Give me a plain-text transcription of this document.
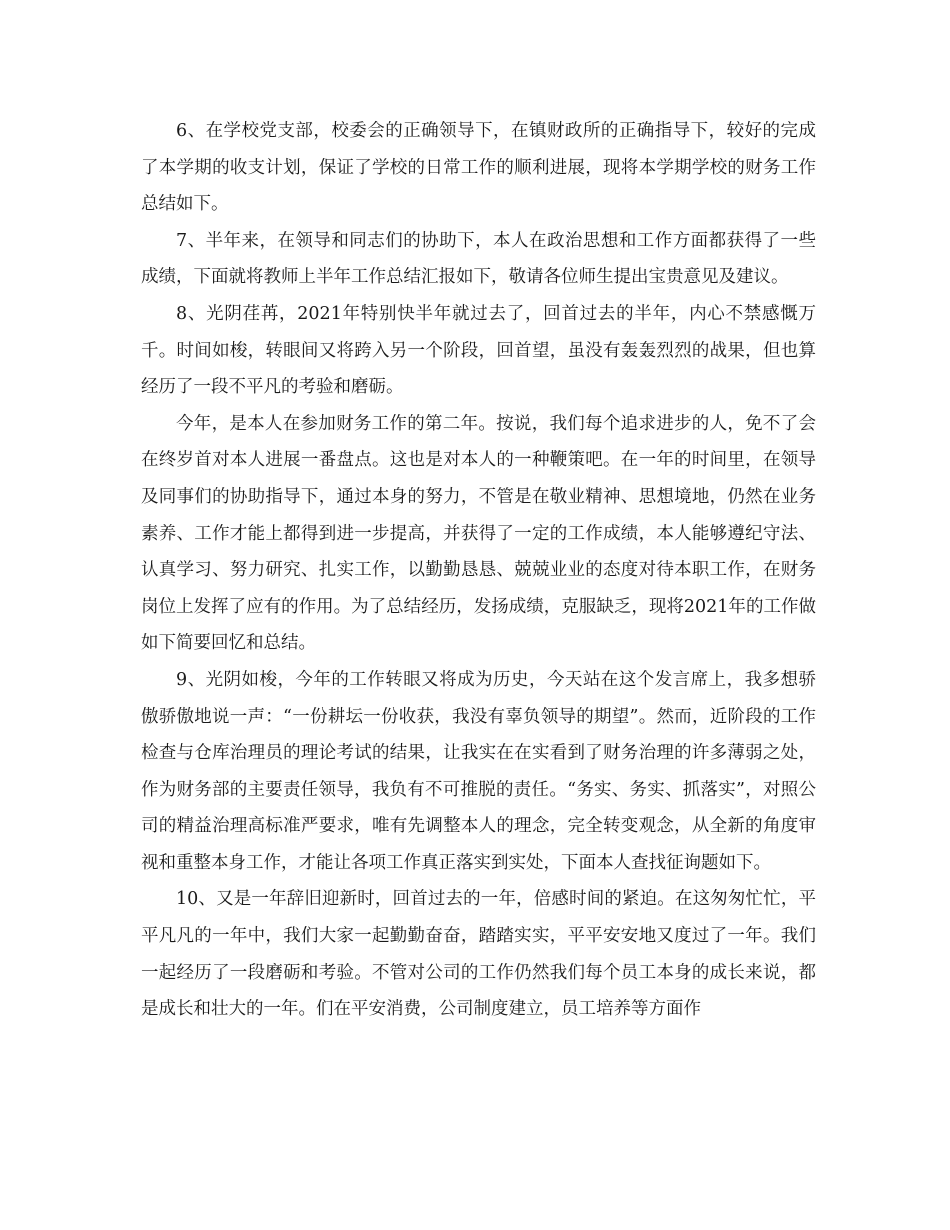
6、在学校党支部，校委会的正确领导下，在镇财政所的正确指导下，较好的完成了本学期的收支计划，保证了学校的日常工作的顺利进展，现将本学期学校的财务工作总结如下。

7、半年来，在领导和同志们的协助下，本人在政治思想和工作方面都获得了一些成绩，下面就将教师上半年工作总结汇报如下，敬请各位师生提出宝贵意见及建议。

8、光阴荏苒，2021年特别快半年就过去了，回首过去的半年，内心不禁感慨万千。时间如梭，转眼间又将跨入另一个阶段，回首望，虽没有轰轰烈烈的战果，但也算经历了一段不平凡的考验和磨砺。

今年，是本人在参加财务工作的第二年。按说，我们每个追求进步的人，免不了会在终岁首对本人进展一番盘点。这也是对本人的一种鞭策吧。在一年的时间里，在领导及同事们的协助指导下，通过本身的努力，不管是在敬业精神、思想境地，仍然在业务素养、工作才能上都得到进一步提高，并获得了一定的工作成绩，本人能够遵纪守法、认真学习、努力研究、扎实工作，以勤勤恳恳、兢兢业业的态度对待本职工作，在财务岗位上发挥了应有的作用。为了总结经历，发扬成绩，克服缺乏，现将2021年的工作做如下简要回忆和总结。

9、光阴如梭，今年的工作转眼又将成为历史，今天站在这个发言席上，我多想骄傲骄傲地说一声：“一份耕坛一份收获，我没有辜负领导的期望”。然而，近阶段的工作检查与仓库治理员的理论考试的结果，让我实在在实看到了财务治理的许多薄弱之处，作为财务部的主要责任领导，我负有不可推脱的责任。“务实、务实、抓落实”，对照公司的精益治理高标准严要求，唯有先调整本人的理念，完全转变观念，从全新的角度审视和重整本身工作，才能让各项工作真正落实到实处，下面本人查找征询题如下。

10、又是一年辞旧迎新时，回首过去的一年，倍感时间的紧迫。在这匆匆忙忙，平平凡凡的一年中，我们大家一起勤勤奋奋，踏踏实实，平平安安地又度过了一年。我们一起经历了一段磨砺和考验。不管对公司的工作仍然我们每个员工本身的成长来说，都是成长和壮大的一年。们在平安消费，公司制度建立，员工培养等方面作
